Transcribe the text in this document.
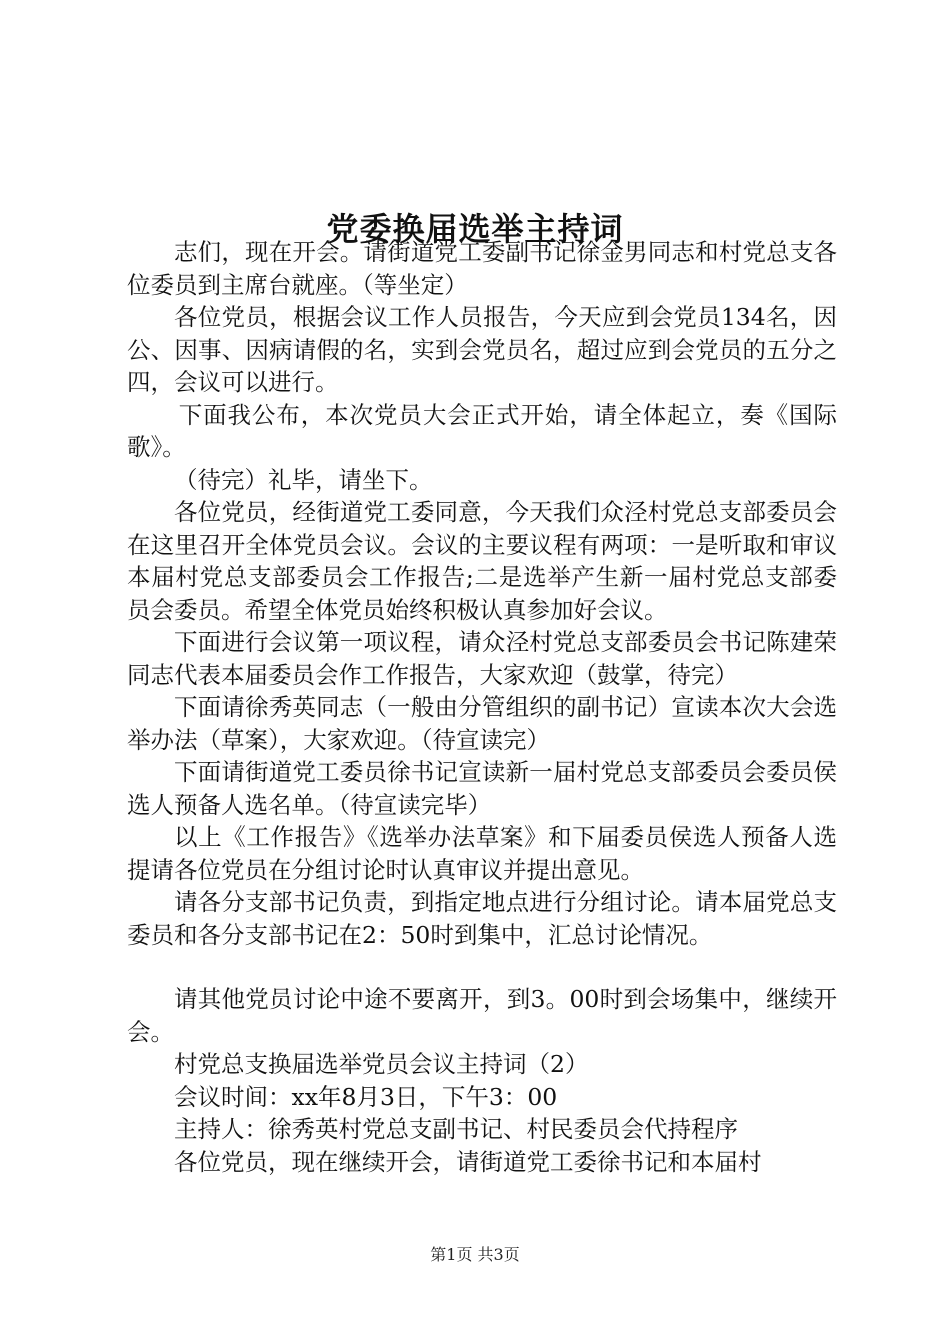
党委换届选举主持词

志们，现在开会。请街道党工委副书记徐金男同志和村党总支各位委员到主席台就座。（等坐定）

各位党员，根据会议工作人员报告，今天应到会党员134名，因公、因事、因病请假的名，实到会党员名，超过应到会党员的五分之四，会议可以进行。

下面我公布，本次党员大会正式开始，请全体起立，奏《国际歌》。

（待完）礼毕，请坐下。

各位党员，经街道党工委同意，今天我们众泾村党总支部委员会在这里召开全体党员会议。会议的主要议程有两项：一是听取和审议本届村党总支部委员会工作报告;二是选举产生新一届村党总支部委员会委员。希望全体党员始终积极认真参加好会议。

下面进行会议第一项议程，请众泾村党总支部委员会书记陈建荣同志代表本届委员会作工作报告，大家欢迎（鼓掌，待完）

下面请徐秀英同志（一般由分管组织的副书记）宣读本次大会选举办法（草案），大家欢迎。（待宣读完）

下面请街道党工委员徐书记宣读新一届村党总支部委员会委员侯选人预备人选名单。（待宣读完毕）

以上《工作报告》《选举办法草案》和下届委员侯选人预备人选提请各位党员在分组讨论时认真审议并提出意见。

请各分支部书记负责，到指定地点进行分组讨论。请本届党总支委员和各分支部书记在2：50时到集中，汇总讨论情况。

请其他党员讨论中途不要离开，到3。00时到会场集中，继续开会。

村党总支换届选举党员会议主持词（2）

会议时间：xx年8月3日，下午3：00

主持人：徐秀英村党总支副书记、村民委员会代持程序

各位党员，现在继续开会，请街道党工委徐书记和本届村

第1页 共3页
